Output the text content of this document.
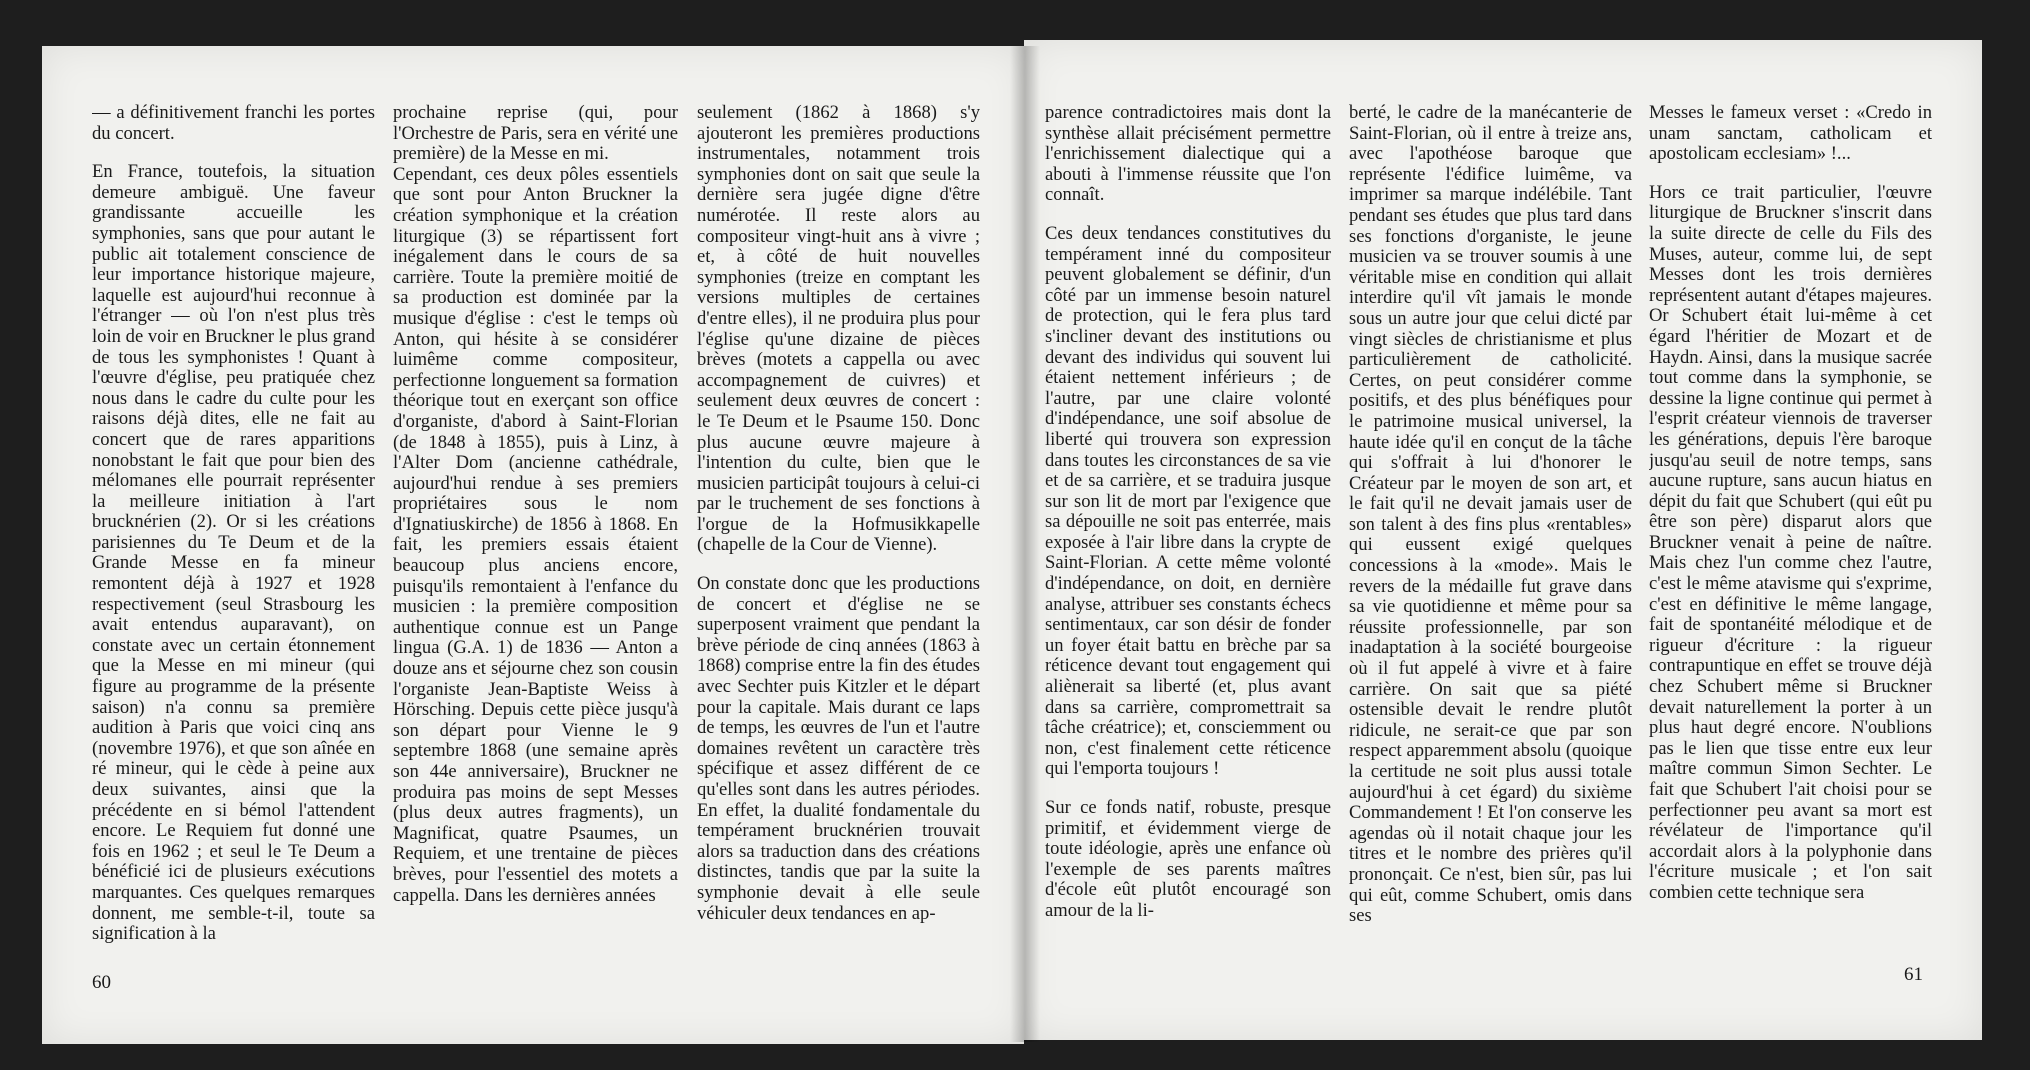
— a définitivement franchi les portes du concert.

En France, toutefois, la situation demeure ambiguë. Une faveur grandissante accueille les symphonies, sans que pour autant le public ait totalement conscience de leur importance historique majeure, laquelle est aujourd'hui reconnue à l'étranger — où l'on n'est plus très loin de voir en Bruckner le plus grand de tous les symphonistes ! Quant à l'œuvre d'église, peu pratiquée chez nous dans le cadre du culte pour les raisons déjà dites, elle ne fait au concert que de rares apparitions nonobstant le fait que pour bien des mélomanes elle pourrait représenter la meilleure initiation à l'art brucknérien (2). Or si les créations parisiennes du Te Deum et de la Grande Messe en fa mineur remontent déjà à 1927 et 1928 respectivement (seul Strasbourg les avait entendus auparavant), on constate avec un certain étonnement que la Messe en mi mineur (qui figure au programme de la présente saison) n'a connu sa première audition à Paris que voici cinq ans (novembre 1976), et que son aînée en ré mineur, qui le cède à peine aux deux suivantes, ainsi que la précédente en si bémol l'attendent encore. Le Requiem fut donné une fois en 1962 ; et seul le Te Deum a bénéficié ici de plusieurs exécutions marquantes. Ces quelques remarques donnent, me semble-t-il, toute sa signification à la

prochaine reprise (qui, pour l'Orchestre de Paris, sera en vérité une première) de la Messe en mi.

Cependant, ces deux pôles essentiels que sont pour Anton Bruckner la création symphonique et la création liturgique (3) se répartissent fort inégalement dans le cours de sa carrière. Toute la première moitié de sa production est dominée par la musique d'église : c'est le temps où Anton, qui hésite à se considérer luimême comme compositeur, perfectionne longuement sa formation théorique tout en exerçant son office d'organiste, d'abord à Saint-Florian (de 1848 à 1855), puis à Linz, à l'Alter Dom (ancienne cathédrale, aujourd'hui rendue à ses premiers propriétaires sous le nom d'Ignatiuskirche) de 1856 à 1868. En fait, les premiers essais étaient beaucoup plus anciens encore, puisqu'ils remontaient à l'enfance du musicien : la première composition authentique connue est un Pange lingua (G.A. 1) de 1836 — Anton a douze ans et séjourne chez son cousin l'organiste Jean-Baptiste Weiss à Hörsching. Depuis cette pièce jusqu'à son départ pour Vienne le 9 septembre 1868 (une semaine après son 44e anniversaire), Bruckner ne produira pas moins de sept Messes (plus deux autres fragments), un Magnificat, quatre Psaumes, un Requiem, et une trentaine de pièces brèves, pour l'essentiel des motets a cappella. Dans les dernières années

seulement (1862 à 1868) s'y ajouteront les premières productions instrumentales, notamment trois symphonies dont on sait que seule la dernière sera jugée digne d'être numérotée. Il reste alors au compositeur vingt-huit ans à vivre ; et, à côté de huit nouvelles symphonies (treize en comptant les versions multiples de certaines d'entre elles), il ne produira plus pour l'église qu'une dizaine de pièces brèves (motets a cappella ou avec accompagnement de cuivres) et seulement deux œuvres de concert : le Te Deum et le Psaume 150. Donc plus aucune œuvre majeure à l'intention du culte, bien que le musicien participât toujours à celui-ci par le truchement de ses fonctions à l'orgue de la Hofmusikkapelle (chapelle de la Cour de Vienne).

On constate donc que les productions de concert et d'église ne se superposent vraiment que pendant la brève période de cinq années (1863 à 1868) comprise entre la fin des études avec Sechter puis Kitzler et le départ pour la capitale. Mais durant ce laps de temps, les œuvres de l'un et l'autre domaines revêtent un caractère très spécifique et assez différent de ce qu'elles sont dans les autres périodes. En effet, la dualité fondamentale du tempérament brucknérien trouvait alors sa traduction dans des créations distinctes, tandis que par la suite la symphonie devait à elle seule véhiculer deux tendances en ap-

60

parence contradictoires mais dont la synthèse allait précisément permettre l'enrichissement dialectique qui a abouti à l'immense réussite que l'on connaît.

Ces deux tendances constitutives du tempérament inné du compositeur peuvent globalement se définir, d'un côté par un immense besoin naturel de protection, qui le fera plus tard s'incliner devant des institutions ou devant des individus qui souvent lui étaient nettement inférieurs ; de l'autre, par une claire volonté d'indépendance, une soif absolue de liberté qui trouvera son expression dans toutes les circonstances de sa vie et de sa carrière, et se traduira jusque sur son lit de mort par l'exigence que sa dépouille ne soit pas enterrée, mais exposée à l'air libre dans la crypte de Saint-Florian. A cette même volonté d'indépendance, on doit, en dernière analyse, attribuer ses constants échecs sentimentaux, car son désir de fonder un foyer était battu en brèche par sa réticence devant tout engagement qui aliènerait sa liberté (et, plus avant dans sa carrière, compromettrait sa tâche créatrice); et, consciemment ou non, c'est finalement cette réticence qui l'emporta toujours !

Sur ce fonds natif, robuste, presque primitif, et évidemment vierge de toute idéologie, après une enfance où l'exemple de ses parents maîtres d'école eût plutôt encouragé son amour de la li-

berté, le cadre de la manécanterie de Saint-Florian, où il entre à treize ans, avec l'apothéose baroque que représente l'édifice luimême, va imprimer sa marque indélébile. Tant pendant ses études que plus tard dans ses fonctions d'organiste, le jeune musicien va se trouver soumis à une véritable mise en condition qui allait interdire qu'il vît jamais le monde sous un autre jour que celui dicté par vingt siècles de christianisme et plus particulièrement de catholicité. Certes, on peut considérer comme positifs, et des plus bénéfiques pour le patrimoine musical universel, la haute idée qu'il en conçut de la tâche qui s'offrait à lui d'honorer le Créateur par le moyen de son art, et le fait qu'il ne devait jamais user de son talent à des fins plus «rentables» qui eussent exigé quelques concessions à la «mode». Mais le revers de la médaille fut grave dans sa vie quotidienne et même pour sa réussite professionnelle, par son inadaptation à la société bourgeoise où il fut appelé à vivre et à faire carrière. On sait que sa piété ostensible devait le rendre plutôt ridicule, ne serait-ce que par son respect apparemment absolu (quoique la certitude ne soit plus aussi totale aujourd'hui à cet égard) du sixième Commandement ! Et l'on conserve les agendas où il notait chaque jour les titres et le nombre des prières qu'il prononçait. Ce n'est, bien sûr, pas lui qui eût, comme Schubert, omis dans ses

Messes le fameux verset : «Credo in unam sanctam, catholicam et apostolicam ecclesiam» !...

Hors ce trait particulier, l'œuvre liturgique de Bruckner s'inscrit dans la suite directe de celle du Fils des Muses, auteur, comme lui, de sept Messes dont les trois dernières représentent autant d'étapes majeures. Or Schubert était lui-même à cet égard l'héritier de Mozart et de Haydn. Ainsi, dans la musique sacrée tout comme dans la symphonie, se dessine la ligne continue qui permet à l'esprit créateur viennois de traverser les générations, depuis l'ère baroque jusqu'au seuil de notre temps, sans aucune rupture, sans aucun hiatus en dépit du fait que Schubert (qui eût pu être son père) disparut alors que Bruckner venait à peine de naître. Mais chez l'un comme chez l'autre, c'est le même atavisme qui s'exprime, c'est en définitive le même langage, fait de spontanéité mélodique et de rigueur d'écriture : la rigueur contrapuntique en effet se trouve déjà chez Schubert même si Bruckner devait naturellement la porter à un plus haut degré encore. N'oublions pas le lien que tisse entre eux leur maître commun Simon Sechter. Le fait que Schubert l'ait choisi pour se perfectionner peu avant sa mort est révélateur de l'importance qu'il accordait alors à la polyphonie dans l'écriture musicale ; et l'on sait combien cette technique sera

61
